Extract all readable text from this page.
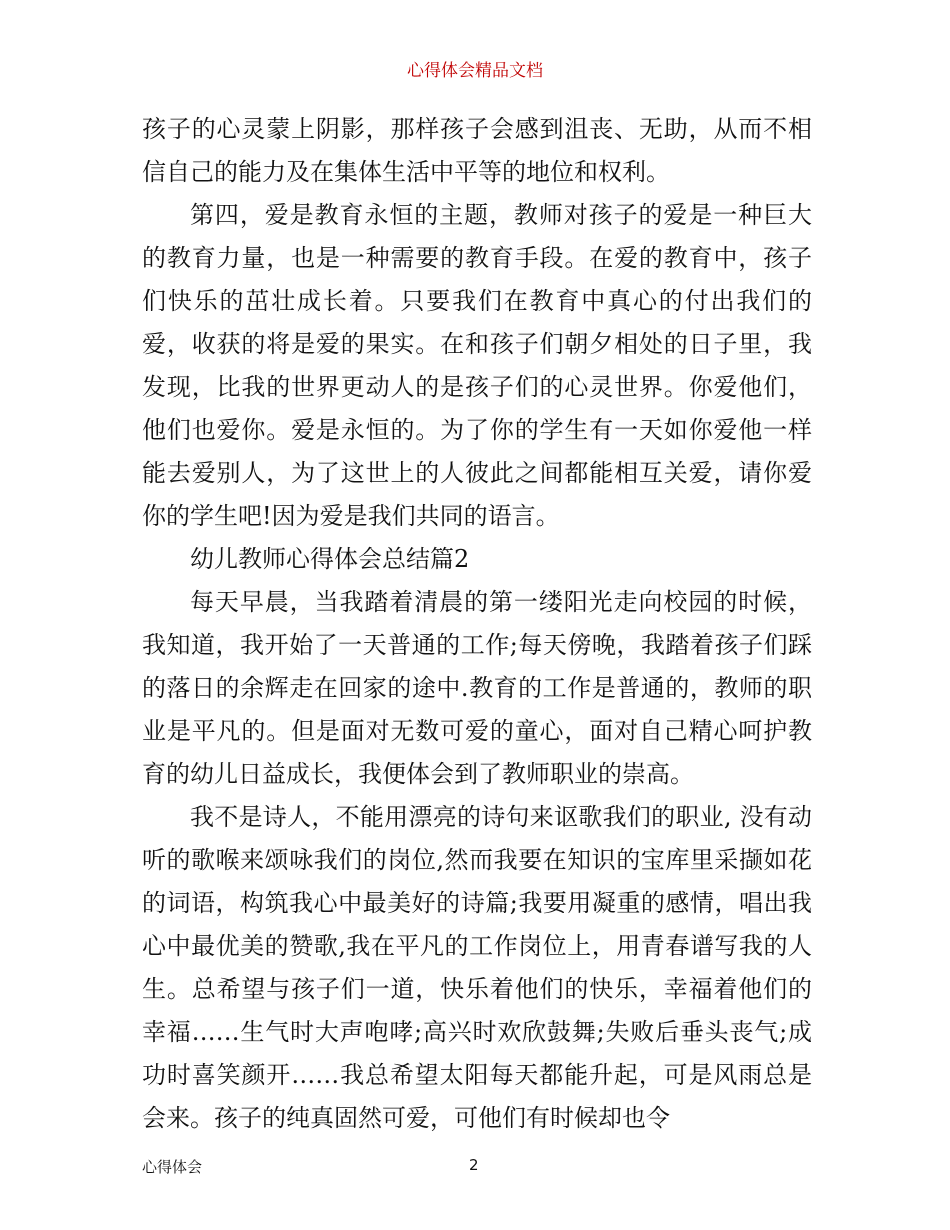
心得体会精品文档

孩子的心灵蒙上阴影，那样孩子会感到沮丧、无助，从而不相信自己的能力及在集体生活中平等的地位和权利。

第四，爱是教育永恒的主题，教师对孩子的爱是一种巨大的教育力量，也是一种需要的教育手段。在爱的教育中，孩子们快乐的茁壮成长着。只要我们在教育中真心的付出我们的爱，收获的将是爱的果实。在和孩子们朝夕相处的日子里，我发现，比我的世界更动人的是孩子们的心灵世界。你爱他们，他们也爱你。爱是永恒的。为了你的学生有一天如你爱他一样能去爱别人，为了这世上的人彼此之间都能相互关爱，请你爱你的学生吧!因为爱是我们共同的语言。

幼儿教师心得体会总结篇2

每天早晨，当我踏着清晨的第一缕阳光走向校园的时候，我知道，我开始了一天普通的工作;每天傍晚，我踏着孩子们踩的落日的余辉走在回家的途中.教育的工作是普通的，教师的职业是平凡的。但是面对无数可爱的童心，面对自己精心呵护教育的幼儿日益成长，我便体会到了教师职业的崇高。

我不是诗人，不能用漂亮的诗句来讴歌我们的职业, 没有动听的歌喉来颂咏我们的岗位,然而我要在知识的宝库里采撷如花的词语，构筑我心中最美好的诗篇;我要用凝重的感情，唱出我心中最优美的赞歌,我在平凡的工作岗位上，用青春谱写我的人生。总希望与孩子们一道，快乐着他们的快乐，幸福着他们的幸福……生气时大声咆哮;高兴时欢欣鼓舞;失败后垂头丧气;成功时喜笑颜开……我总希望太阳每天都能升起，可是风雨总是会来。孩子的纯真固然可爱，可他们有时候却也令

心得体会	2
